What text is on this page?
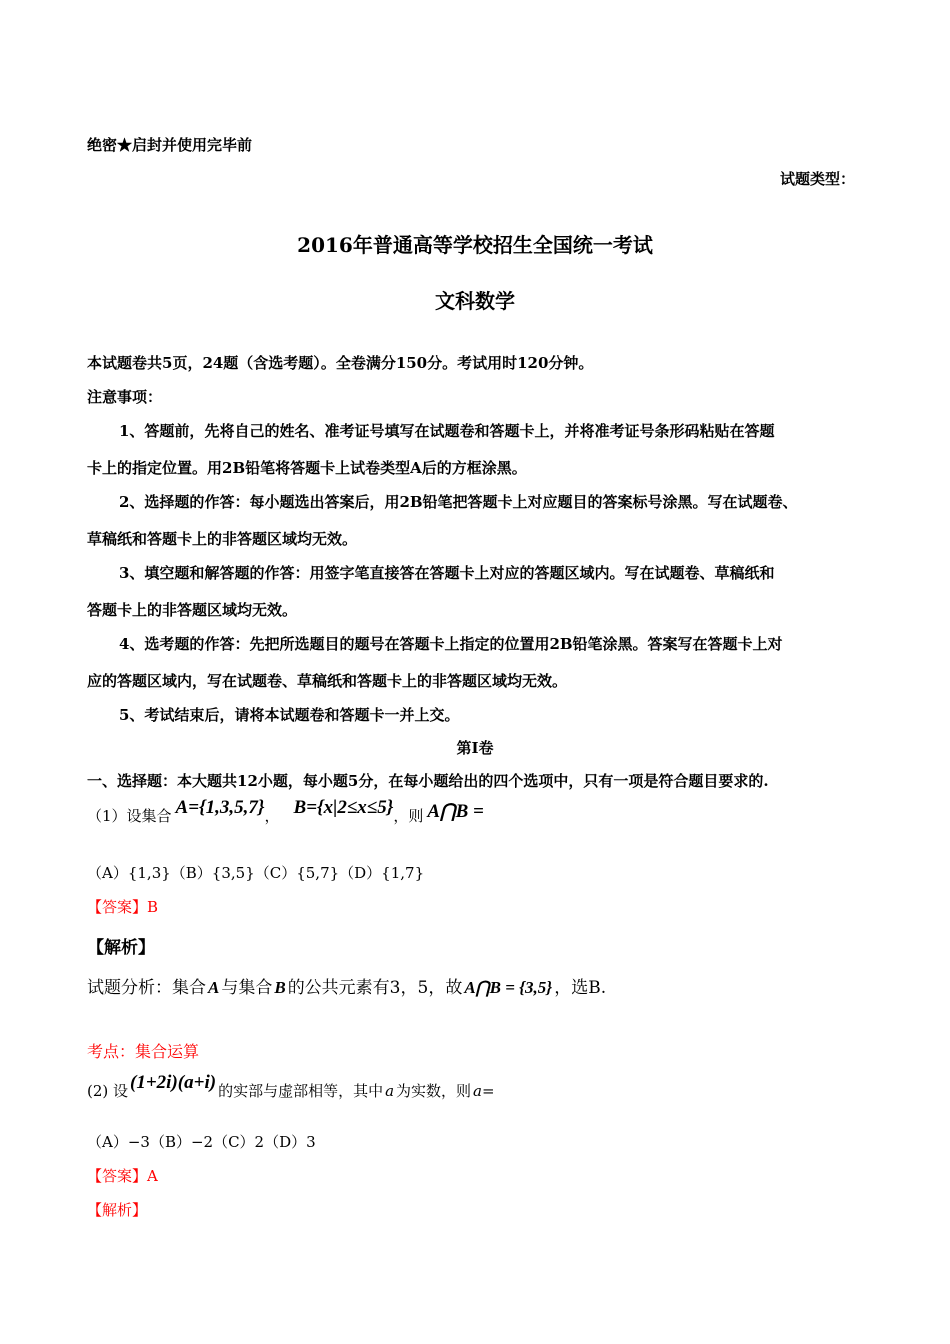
绝密★启封并使用完毕前
试题类型：
2016年普通高等学校招生全国统一考试
文科数学
本试题卷共5页，24题（含选考题）。全卷满分150分。考试用时120分钟。
注意事项：
1、答题前，先将自己的姓名、准考证号填写在试题卷和答题卡上，并将准考证号条形码粘贴在答题
卡上的指定位置。用2B铅笔将答题卡上试卷类型A后的方框涂黑。
2、选择题的作答：每小题选出答案后，用2B铅笔把答题卡上对应题目的答案标号涂黑。写在试题卷、
草稿纸和答题卡上的非答题区域均无效。
3、填空题和解答题的作答：用签字笔直接答在答题卡上对应的答题区域内。写在试题卷、草稿纸和
答题卡上的非答题区域均无效。
4、选考题的作答：先把所选题目的题号在答题卡上指定的位置用2B铅笔涂黑。答案写在答题卡上对
应的答题区域内，写在试题卷、草稿纸和答题卡上的非答题区域均无效。
5、考试结束后，请将本试题卷和答题卡一并上交。
第Ⅰ卷
一、选择题：本大题共12小题，每小题5分，在每小题给出的四个选项中，只有一项是符合题目要求的.
（1）设集合 A={1,3,5,7} ， B={x|2≤x≤5} ，则 A⋂B =
（A）{1,3}（B）{3,5}（C）{5,7}（D）{1,7}
【答案】B
【解析】
试题分析：集合 A 与集合 B 的公共元素有3，5，故 A⋂B = {3,5} ，选B.
考点：集合运算
(2) 设 (1+2i)(a+i) 的实部与虚部相等，其中 a 为实数，则 a =
（A）−3（B）−2（C）2（D）3
【答案】A
【解析】
